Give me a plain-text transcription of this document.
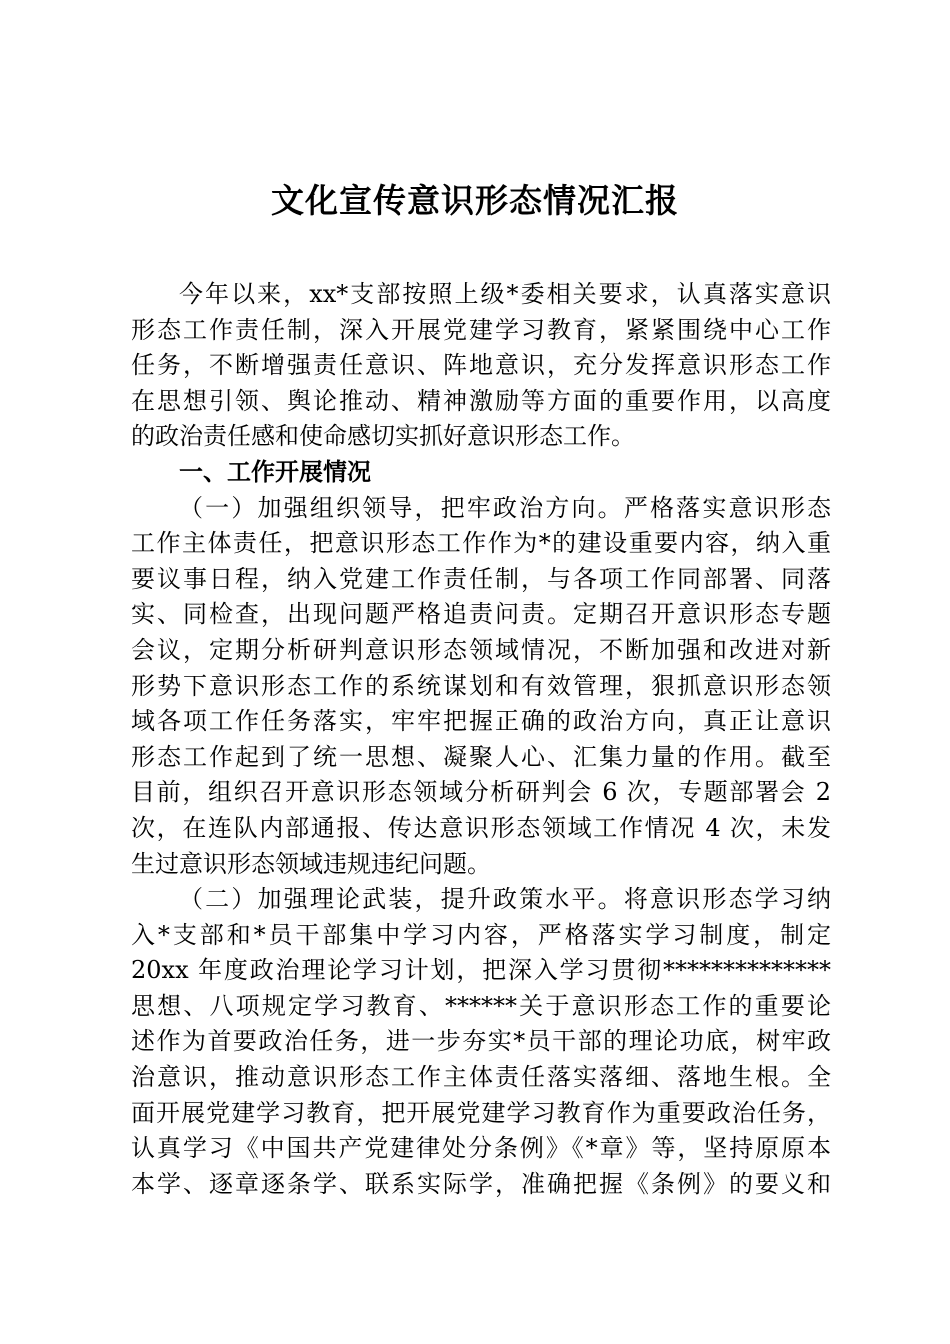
文化宣传意识形态情况汇报
今年以来，xx*支部按照上级*委相关要求，认真落实意识
形态工作责任制，深入开展党建学习教育，紧紧围绕中心工作
任务，不断增强责任意识、阵地意识，充分发挥意识形态工作
在思想引领、舆论推动、精神激励等方面的重要作用，以高度
的政治责任感和使命感切实抓好意识形态工作。
一、工作开展情况
（一）加强组织领导，把牢政治方向。严格落实意识形态
工作主体责任，把意识形态工作作为*的建设重要内容，纳入重
要议事日程，纳入党建工作责任制，与各项工作同部署、同落
实、同检查，出现问题严格追责问责。定期召开意识形态专题
会议，定期分析研判意识形态领域情况，不断加强和改进对新
形势下意识形态工作的系统谋划和有效管理，狠抓意识形态领
域各项工作任务落实，牢牢把握正确的政治方向，真正让意识
形态工作起到了统一思想、凝聚人心、汇集力量的作用。截至
目前，组织召开意识形态领域分析研判会 6 次，专题部署会 2
次，在连队内部通报、传达意识形态领域工作情况 4 次，未发
生过意识形态领域违规违纪问题。
（二）加强理论武装，提升政策水平。将意识形态学习纳
入*支部和*员干部集中学习内容，严格落实学习制度，制定
20xx 年度政治理论学习计划，把深入学习贯彻**************
思想、八项规定学习教育、******关于意识形态工作的重要论
述作为首要政治任务，进一步夯实*员干部的理论功底，树牢政
治意识，推动意识形态工作主体责任落实落细、落地生根。全
面开展党建学习教育，把开展党建学习教育作为重要政治任务，
认真学习《中国共产党建律处分条例》《*章》等，坚持原原本
本学、逐章逐条学、联系实际学，准确把握《条例》的要义和
